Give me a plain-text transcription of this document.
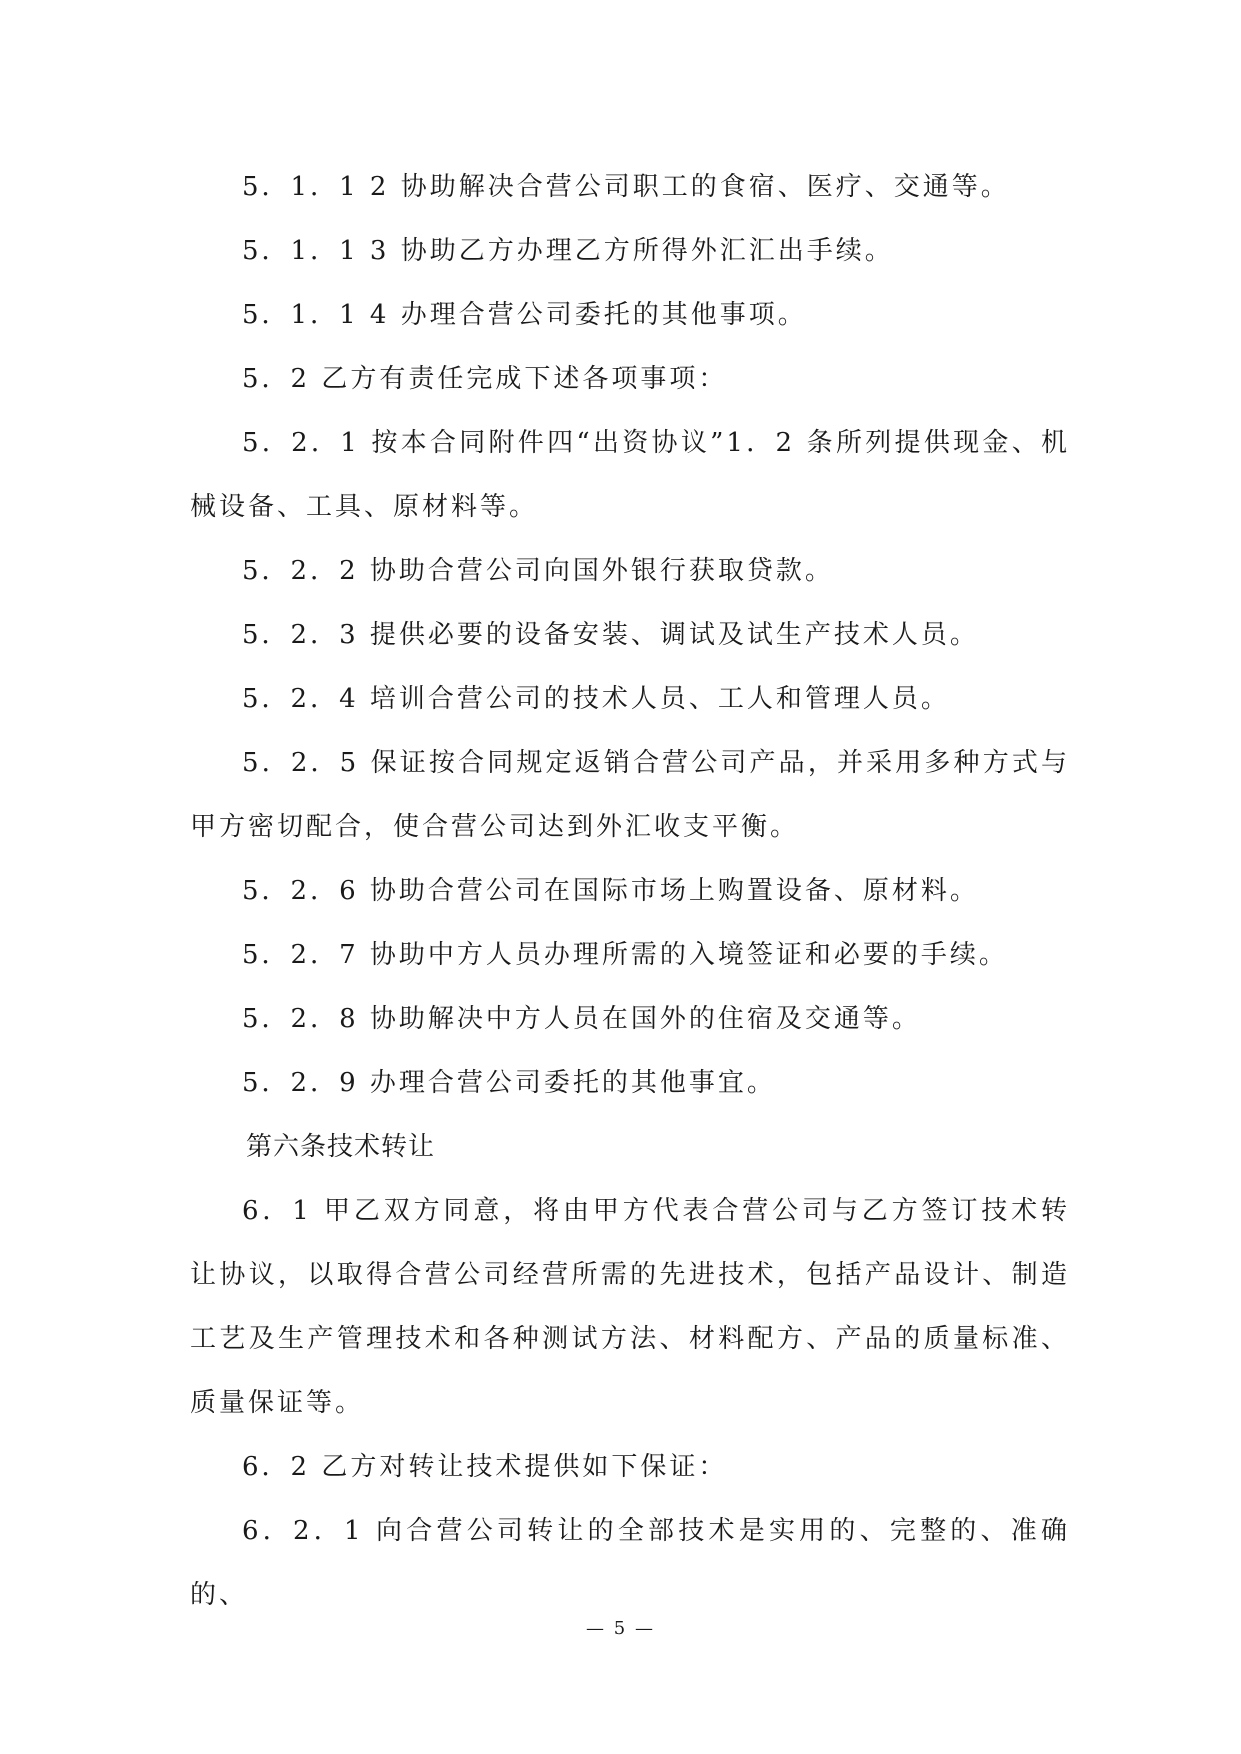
5．1．1 2 协助解决合营公司职工的食宿、医疗、交通等。

5．1．1 3 协助乙方办理乙方所得外汇汇出手续。

5．1．1 4 办理合营公司委托的其他事项。

5．2 乙方有责任完成下述各项事项：

5．2．1 按本合同附件四“出资协议”1．2 条所列提供现金、机械设备、工具、原材料等。

5．2．2 协助合营公司向国外银行获取贷款。

5．2．3 提供必要的设备安装、调试及试生产技术人员。

5．2．4 培训合营公司的技术人员、工人和管理人员。

5．2．5 保证按合同规定返销合营公司产品，并采用多种方式与甲方密切配合，使合营公司达到外汇收支平衡。

5．2．6 协助合营公司在国际市场上购置设备、原材料。

5．2．7 协助中方人员办理所需的入境签证和必要的手续。

5．2．8 协助解决中方人员在国外的住宿及交通等。

5．2．9 办理合营公司委托的其他事宜。

第六条技术转让

6．1 甲乙双方同意，将由甲方代表合营公司与乙方签订技术转让协议，以取得合营公司经营所需的先进技术，包括产品设计、制造工艺及生产管理技术和各种测试方法、材料配方、产品的质量标准、质量保证等。

6．2 乙方对转让技术提供如下保证：

6．2．1 向合营公司转让的全部技术是实用的、完整的、准确的、

— 5 —
